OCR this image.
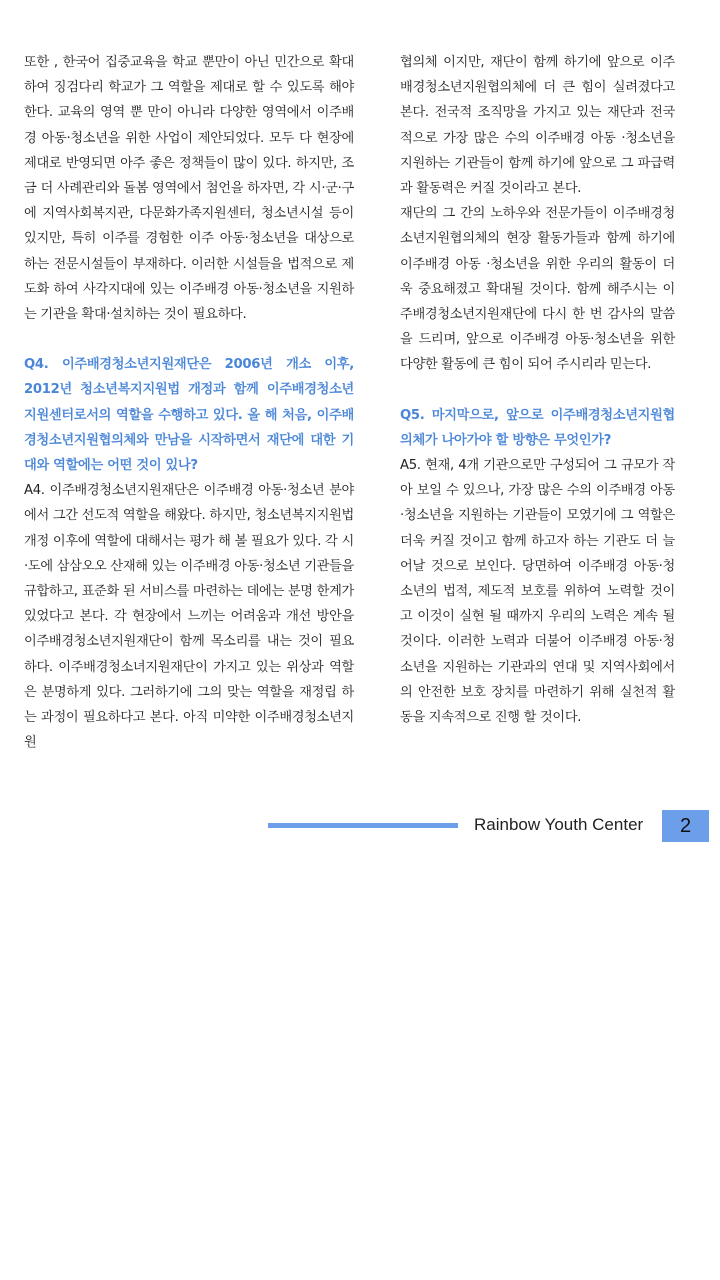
또한 , 한국어 집중교육을 학교 뿐만이 아닌 민간으로 확대하여 징검다리 학교가 그 역할을 제대로 할 수 있도록 해야한다. 교육의 영역 뿐 만이 아니라 다양한 영역에서 이주배경 아동·청소년을 위한 사업이 제안되었다. 모두 다 현장에 제대로 반영되면 아주 좋은 정책들이 많이 있다. 하지만, 조금 더 사례관리와 돌봄 영역에서 첨언을 하자면, 각 시·군·구에 지역사회복지관, 다문화가족지원센터, 청소년시설 등이 있지만, 특히 이주를 경험한 이주 아동·청소년을 대상으로 하는 전문시설들이 부재하다. 이러한 시설들을 법적으로 제도화 하여 사각지대에 있는 이주배경 아동·청소년을 지원하는 기관을 확대·설치하는 것이 필요하다.

Q4. 이주배경청소년지원재단은 2006년 개소 이후, 2012년 청소년복지지원법 개정과 함께 이주배경청소년 지원센터로서의 역할을 수행하고 있다. 올 해 처음, 이주배경청소년지원협의체와 만남을 시작하면서 재단에 대한 기대와 역할에는 어떤 것이 있나?

A4. 이주배경청소년지원재단은 이주배경 아동·청소년 분야에서 그간 선도적 역할을 해왔다. 하지만, 청소년복지지원법 개정 이후에 역할에 대해서는 평가 해 볼 필요가 있다. 각 시·도에 삼삼오오 산재해 있는 이주배경 아동·청소년 기관들을 규합하고, 표준화 된 서비스를 마련하는 데에는 분명 한계가 있었다고 본다. 각 현장에서 느끼는 어려움과 개선 방안을 이주배경청소년지원재단이 함께 목소리를 내는 것이 필요하다. 이주배경청소녀지원재단이 가지고 있는 위상과 역할은 분명하게 있다. 그러하기에 그의 맞는 역할을 재정립 하는 과정이 필요하다고 본다. 아직 미약한 이주배경청소년지원

협의체 이지만, 재단이 함께 하기에 앞으로 이주배경청소년지원협의체에 더 큰 힘이 실려졌다고 본다. 전국적 조직망을 가지고 있는 재단과 전국적으로 가장 많은 수의 이주배경 아동 ·청소년을 지원하는 기관들이 함께 하기에 앞으로 그 파급력과 활동력은 커질 것이라고 본다.

재단의 그 간의 노하우와 전문가들이 이주배경청소년지원협의체의 현장 활동가들과 함께 하기에 이주배경 아동 ·청소년을 위한 우리의 활동이 더욱 중요해졌고 확대될 것이다. 함께 해주시는 이주배경청소년지원재단에 다시 한 번 감사의 말씀을 드리며, 앞으로 이주배경 아동·청소년을 위한 다양한 활동에 큰 힘이 되어 주시리라 믿는다.

Q5. 마지막으로, 앞으로 이주배경청소년지원협의체가 나아가야 할 방향은 무엇인가?

A5. 현재, 4개 기관으로만 구성되어 그 규모가 작아 보일 수 있으나, 가장 많은 수의 이주배경 아동·청소년을 지원하는 기관들이 모였기에 그 역할은 더욱 커질 것이고 함께 하고자 하는 기관도 더 늘어날 것으로 보인다. 당면하여 이주배경 아동·청소년의 법적, 제도적 보호를 위하여 노력할 것이고 이것이 실현 될 때까지 우리의 노력은 계속 될 것이다. 이러한 노력과 더불어 이주배경 아동·청소년을 지원하는 기관과의 연대 및 지역사회에서의 안전한 보호 장치를 마련하기 위해 실천적 활동을 지속적으로 진행 할 것이다.

Rainbow Youth Center	2
